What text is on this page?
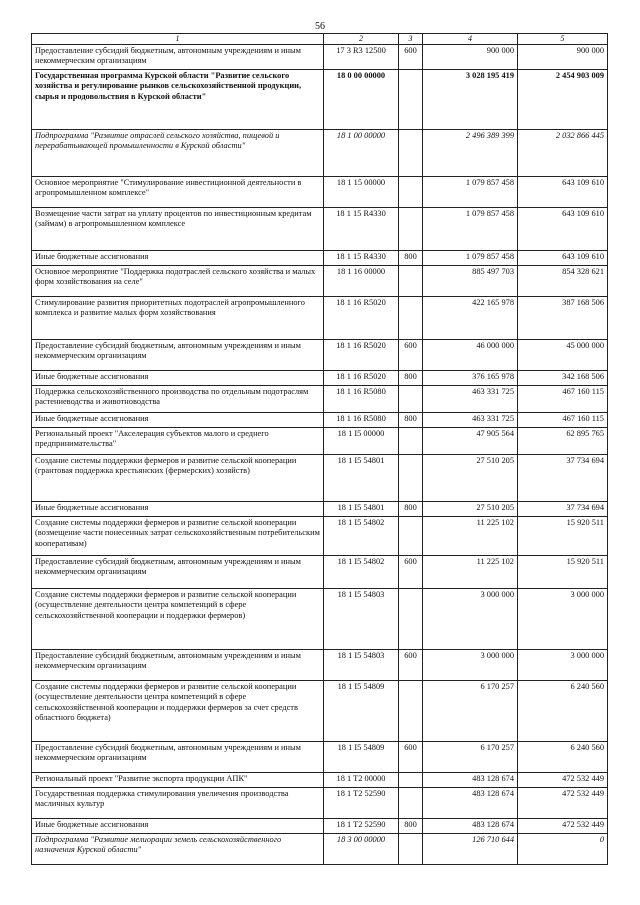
56
1	2	3	4	5
Предоставление субсидий бюджетным, автономным учреждениям и иным некоммерческим организациям	17 3 R3 12500	600	900 000	900 000
Государственная программа Курской области "Развитие сельского хозяйства и регулирование рынков сельскохозяйственной продукции, сырья и продовольствия в Курской области"	18 0 00 00000		3 028 195 419	2 454 903 009
Подпрограмма "Развитие отраслей сельского хозяйства, пищевой и перерабатывающей промышленности в Курской области"	18 1 00 00000		2 496 389 399	2 032 866 445
Основное мероприятие "Стимулирование инвестиционной деятельности в агропромышленном комплексе"	18 1 15 00000		1 079 857 458	643 109 610
Возмещение части затрат на уплату процентов по инвестиционным кредитам (займам) в агропромышленном комплексе	18 1 15 R4330		1 079 857 458	643 109 610
Иные бюджетные ассигнования	18 1 15 R4330	800	1 079 857 458	643 109 610
Основное мероприятие "Поддержка подотраслей сельского хозяйства и малых форм хозяйствования на селе"	18 1 16 00000		885 497 703	854 328 621
Стимулирование развития приоритетных подотраслей агропромышленного комплекса и развитие малых форм хозяйствования	18 1 16 R5020		422 165 978	387 168 506
Предоставление субсидий бюджетным, автономным учреждениям и иным некоммерческим организациям	18 1 16 R5020	600	46 000 000	45 000 000
Иные бюджетные ассигнования	18 1 16 R5020	800	376 165 978	342 168 506
Поддержка сельскохозяйственного производства по отдельным подотраслям растениеводства и животноводства	18 1 16 R5080		463 331 725	467 160 115
Иные бюджетные ассигнования	18 1 16 R5080	800	463 331 725	467 160 115
Региональный проект "Акселерация субъектов малого и среднего предпринимательства"	18 1 I5 00000		47 905 564	62 895 765
Создание системы поддержки фермеров и развитие сельской кооперации (грантовая поддержка крестьянских (фермерских) хозяйств)	18 1 I5 54801		27 510 205	37 734 694
Иные бюджетные ассигнования	18 1 I5 54801	800	27 510 205	37 734 694
Создание системы поддержки фермеров и развитие сельской кооперации (возмещение части понесенных затрат сельскохозяйственным потребительским кооперативам)	18 1 I5 54802		11 225 102	15 920 511
Предоставление субсидий бюджетным, автономным учреждениям и иным некоммерческим организациям	18 1 I5 54802	600	11 225 102	15 920 511
Создание системы поддержки фермеров и развитие сельской кооперации (осуществление деятельности центра компетенций в сфере сельскохозяйственной кооперации и поддержки фермеров)	18 1 I5 54803		3 000 000	3 000 000
Предоставление субсидий бюджетным, автономным учреждениям и иным некоммерческим организациям	18 1 I5 54803	600	3 000 000	3 000 000
Создание системы поддержки фермеров и развитие сельской кооперации (осуществление деятельности центра компетенций в сфере сельскохозяйственной кооперации и поддержки фермеров за счет средств областного бюджета)	18 1 I5 54809		6 170 257	6 240 560
Предоставление субсидий бюджетным, автономным учреждениям и иным некоммерческим организациям	18 1 I5 54809	600	6 170 257	6 240 560
Региональный проект "Развитие экспорта продукции АПК"	18 1 T2 00000		483 128 674	472 532 449
Государственная поддержка стимулирования увеличения производства масличных культур	18 1 T2 52590		483 128 674	472 532 449
Иные бюджетные ассигнования	18 1 T2 52590	800	483 128 674	472 532 449
Подпрограмма "Развитие мелиорации земель сельскохозяйственного назначения Курской области"	18 3 00 00000		126 710 644	0
